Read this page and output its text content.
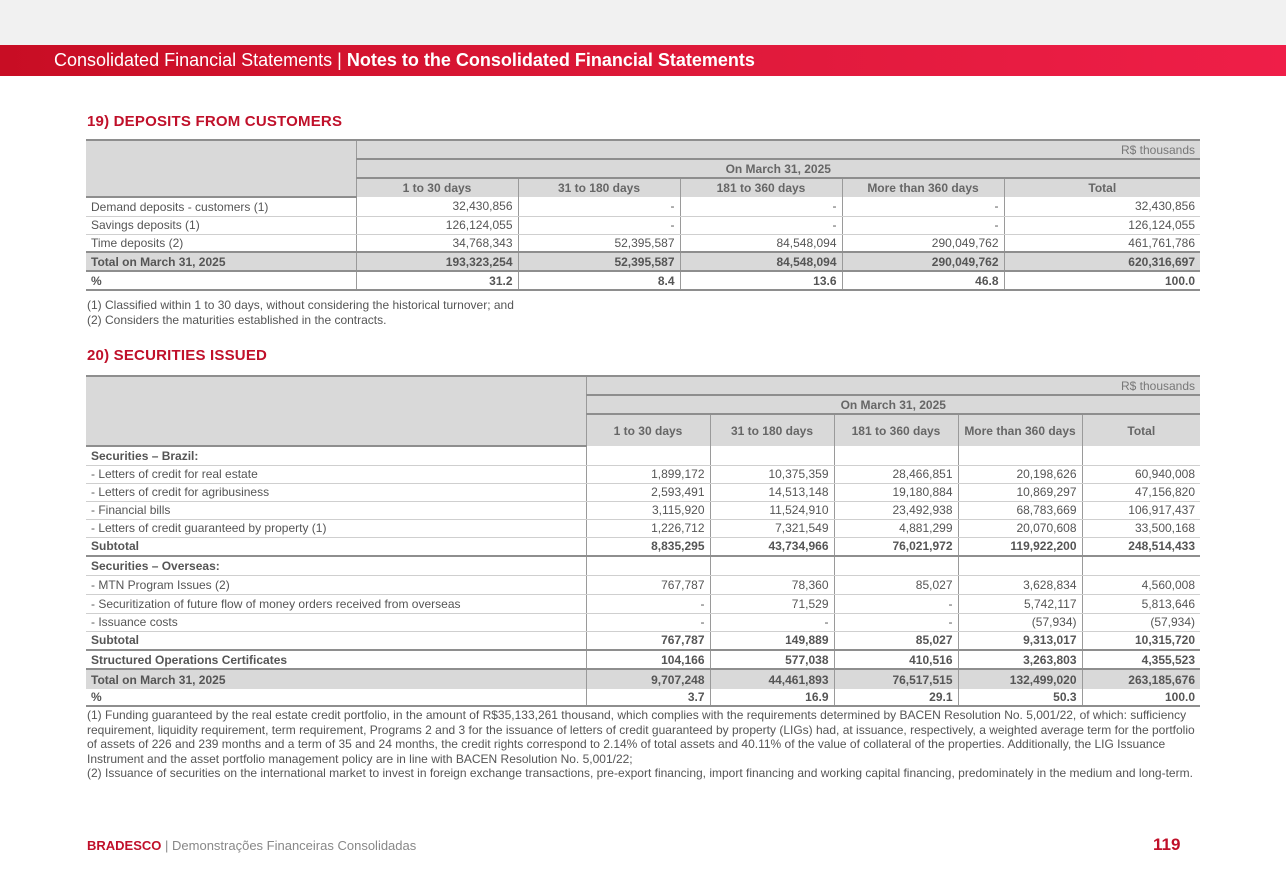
Consolidated Financial Statements | Notes to the Consolidated Financial Statements
19) DEPOSITS FROM CUSTOMERS
	R$ thousands				
	On March 31, 2025				
	1 to 30 days	31 to 180 days	181 to 360 days	More than 360 days	Total
Demand deposits - customers (1)	32,430,856	-	-	-	32,430,856
Savings deposits (1)	126,124,055	-	-	-	126,124,055
Time deposits (2)	34,768,343	52,395,587	84,548,094	290,049,762	461,761,786
Total on March 31, 2025	193,323,254	52,395,587	84,548,094	290,049,762	620,316,697
%	31.2	8.4	13.6	46.8	100.0
(1) Classified within 1 to 30 days, without considering the historical turnover; and
(2) Considers the maturities established in the contracts.
20) SECURITIES ISSUED
	R$ thousands				
	On March 31, 2025				
	1 to 30 days	31 to 180 days	181 to 360 days	More than 360 days	Total
Securities – Brazil:					
- Letters of credit for real estate	1,899,172	10,375,359	28,466,851	20,198,626	60,940,008
- Letters of credit for agribusiness	2,593,491	14,513,148	19,180,884	10,869,297	47,156,820
- Financial bills	3,115,920	11,524,910	23,492,938	68,783,669	106,917,437
- Letters of credit guaranteed by property (1)	1,226,712	7,321,549	4,881,299	20,070,608	33,500,168
Subtotal	8,835,295	43,734,966	76,021,972	119,922,200	248,514,433
Securities – Overseas:					
- MTN Program Issues (2)	767,787	78,360	85,027	3,628,834	4,560,008
- Securitization of future flow of money orders received from overseas	-	71,529	-	5,742,117	5,813,646
- Issuance costs	-	-	-	(57,934)	(57,934)
Subtotal	767,787	149,889	85,027	9,313,017	10,315,720
Structured Operations Certificates	104,166	577,038	410,516	3,263,803	4,355,523
Total on March 31, 2025	9,707,248	44,461,893	76,517,515	132,499,020	263,185,676
%	3.7	16.9	29.1	50.3	100.0
(1) Funding guaranteed by the real estate credit portfolio, in the amount of R$35,133,261 thousand, which complies with the requirements determined by BACEN Resolution No. 5,001/22, of which: sufficiency requirement, liquidity requirement, term requirement, Programs 2 and 3 for the issuance of letters of credit guaranteed by property (LIGs) had, at issuance, respectively, a weighted average term for the portfolio of assets of 226 and 239 months and a term of 35 and 24 months, the credit rights correspond to 2.14% of total assets and 40.11% of the value of collateral of the properties. Additionally, the LIG Issuance Instrument and the asset portfolio management policy are in line with BACEN Resolution No. 5,001/22;
(2) Issuance of securities on the international market to invest in foreign exchange transactions, pre-export financing, import financing and working capital financing, predominately in the medium and long-term.
BRADESCO | Demonstrações Financeiras Consolidadas	119
